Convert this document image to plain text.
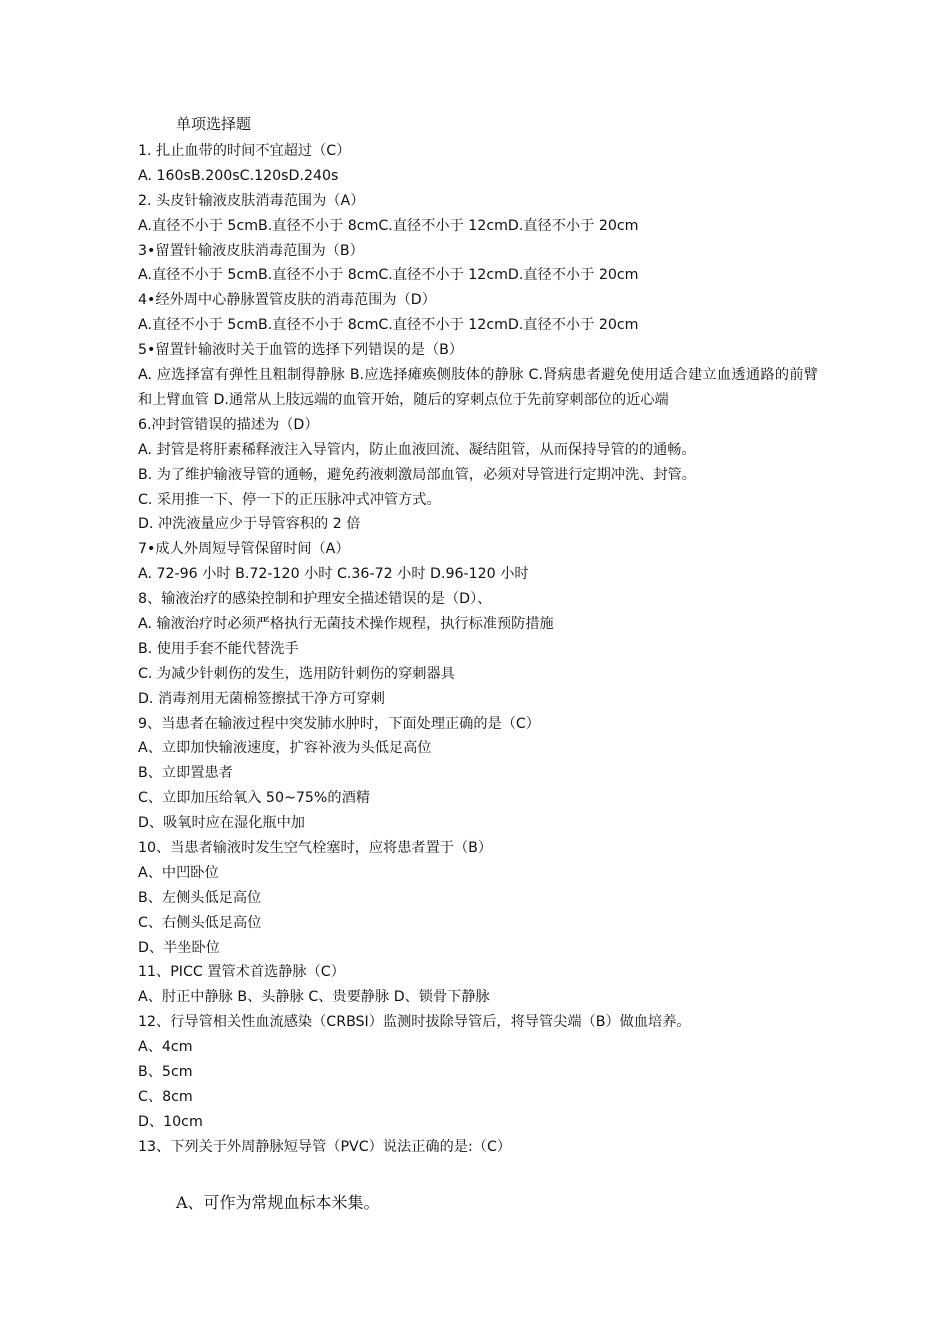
单项选择题
1. 扎止血带的时间不宜超过（C）
A. 160sB.200sC.120sD.240s
2. 头皮针输液皮肤消毒范围为（A）
A.直径不小于 5cmB.直径不小于 8cmC.直径不小于 12cmD.直径不小于 20cm
3•留置针输液皮肤消毒范围为（B）
A.直径不小于 5cmB.直径不小于 8cmC.直径不小于 12cmD.直径不小于 20cm
4•经外周中心静脉置管皮肤的消毒范围为（D）
A.直径不小于 5cmB.直径不小于 8cmC.直径不小于 12cmD.直径不小于 20cm
5•留置针输液时关于血管的选择下列错误的是（B）
A. 应选择富有弹性且粗制得静脉 B.应选择瘫痪侧肢体的静脉 C.肾病患者避免使用适合建立血透通路的前臂和上臂血管 D.通常从上肢远端的血管开始，随后的穿刺点位于先前穿刺部位的近心端
6.冲封管错误的描述为（D）
A. 封管是将肝素稀释液注入导管内，防止血液回流、凝结阻管，从而保持导管的的通畅。
B. 为了维护输液导管的通畅，避免药液刺激局部血管，必须对导管进行定期冲洗、封管。
C. 采用推一下、停一下的正压脉冲式冲管方式。
D. 冲洗液量应少于导管容积的 2 倍
7•成人外周短导管保留时间（A）
A. 72-96 小时 B.72-120 小时 C.36-72 小时 D.96-120 小时
8、输液治疗的感染控制和护理安全描述错误的是（D）、
A. 输液治疗时必须严格执行无菌技术操作规程，执行标准预防措施
B. 使用手套不能代替洗手
C. 为减少针刺伤的发生，选用防针刺伤的穿刺器具
D. 消毒剂用无菌棉签擦拭干净方可穿刺
9、当患者在输液过程中突发肺水肿时，下面处理正确的是（C）
A、立即加快输液速度，扩容补液为头低足高位
B、立即置患者
C、立即加压给氧入 50~75%的酒精
D、吸氧时应在湿化瓶中加
10、当患者输液时发生空气栓塞时，应将患者置于（B）
A、中凹卧位
B、左侧头低足高位
C、右侧头低足高位
D、半坐卧位
11、PICC 置管术首选静脉（C）
A、肘正中静脉 B、头静脉 C、贵要静脉 D、锁骨下静脉
12、行导管相关性血流感染（CRBSI）监测时拔除导管后，将导管尖端（B）做血培养。
A、4cm
B、5cm
C、8cm
D、10cm
13、下列关于外周静脉短导管（PVC）说法正确的是:（C）
A、可作为常规血标本米集。
